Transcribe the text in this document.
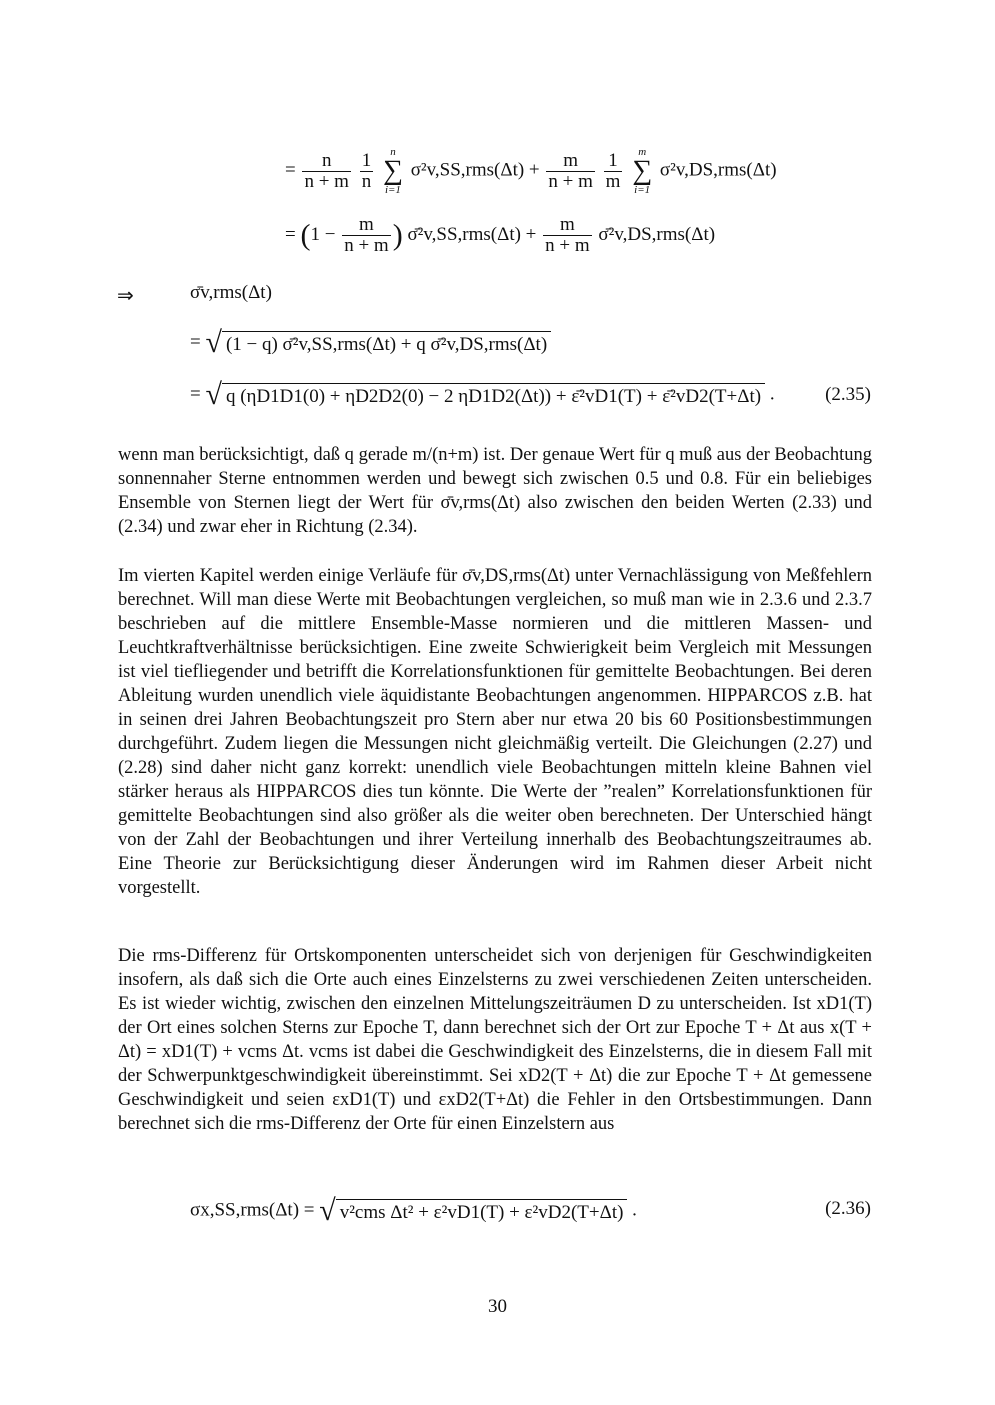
= $\frac{n}{n + m}$
$\frac{1}{n}$
	n
∑
i=1
$\sigma^2v,SS,rms(\Delta t) + \frac{m}{n + m}$
$\frac{1}{m}$
	m
∑
i=1
σ²v,DS,rms(Δt)
= ($1 - \frac{m}{n + m}$ ) σ̄²v,SS,rms(Δt) + $\frac{m}{n + m}$ σ̄²v,DS,rms(Δt)
⇒	σ̄v,rms(Δt)
= √ (1 − q) σ̄²v,SS,rms(Δt) + q σ̄²v,DS,rms(Δt)
= √ q (ηD1D1(0) + ηD2D2(0) − 2 ηD1D2(Δt)) + ε̄²vD1(T) + ε̄²vD2(T+Δt) .	(2.35)
wenn man berücksichtigt, daß q gerade m/(n+m) ist. Der genaue Wert für q muß aus der Beobachtung sonnennaher Sterne entnommen werden und bewegt sich zwischen 0.5 und 0.8. Für ein beliebiges Ensemble von Sternen liegt der Wert für σ̄v,rms(Δt) also zwischen den beiden Werten (2.33) und (2.34) und zwar eher in Richtung (2.34).
Im vierten Kapitel werden einige Verläufe für σ̄v,DS,rms(Δt) unter Vernachlässigung von Meßfehlern berechnet. Will man diese Werte mit Beobachtungen vergleichen, so muß man wie in 2.3.6 und 2.3.7 beschrieben auf die mittlere Ensemble-Masse normieren und die mittleren Massen- und Leuchtkraftverhältnisse berücksichtigen. Eine zweite Schwierigkeit beim Vergleich mit Messungen ist viel tiefliegender und betrifft die Korrelationsfunktionen für gemittelte Beobachtungen. Bei deren Ableitung wurden unendlich viele äquidistante Beobachtungen angenommen. HIPPARCOS z.B. hat in seinen drei Jahren Beobachtungszeit pro Stern aber nur etwa 20 bis 60 Positionsbestimmungen durchgeführt. Zudem liegen die Messungen nicht gleichmäßig verteilt. Die Gleichungen (2.27) und (2.28) sind daher nicht ganz korrekt: unendlich viele Beobachtungen mitteln kleine Bahnen viel stärker heraus als HIPPARCOS dies tun könnte. Die Werte der ”realen” Korrelationsfunktionen für gemittelte Beobachtungen sind also größer als die weiter oben berechneten. Der Unterschied hängt von der Zahl der Beobachtungen und ihrer Verteilung innerhalb des Beobachtungszeitraumes ab. Eine Theorie zur Berücksichtigung dieser Änderungen wird im Rahmen dieser Arbeit nicht vorgestellt.
Die rms-Differenz für Ortskomponenten unterscheidet sich von derjenigen für Geschwindigkeiten insofern, als daß sich die Orte auch eines Einzelsterns zu zwei verschiedenen Zeiten unterscheiden. Es ist wieder wichtig, zwischen den einzelnen Mittelungszeiträumen D zu unterscheiden. Ist xD1(T) der Ort eines solchen Sterns zur Epoche T, dann berechnet sich der Ort zur Epoche T + Δt aus x(T + Δt) = xD1(T) + vcms Δt. vcms ist dabei die Geschwindigkeit des Einzelsterns, die in diesem Fall mit der Schwerpunktgeschwindigkeit übereinstimmt. Sei xD2(T + Δt) die zur Epoche T + Δt gemessene Geschwindigkeit und seien εxD1(T) und εxD2(T+Δt) die Fehler in den Ortsbestimmungen. Dann berechnet sich die rms-Differenz der Orte für einen Einzelstern aus
σx,SS,rms(Δt) = √ v²cms Δt² + ε²vD1(T) + ε²vD2(T+Δt) .	(2.36)
30
